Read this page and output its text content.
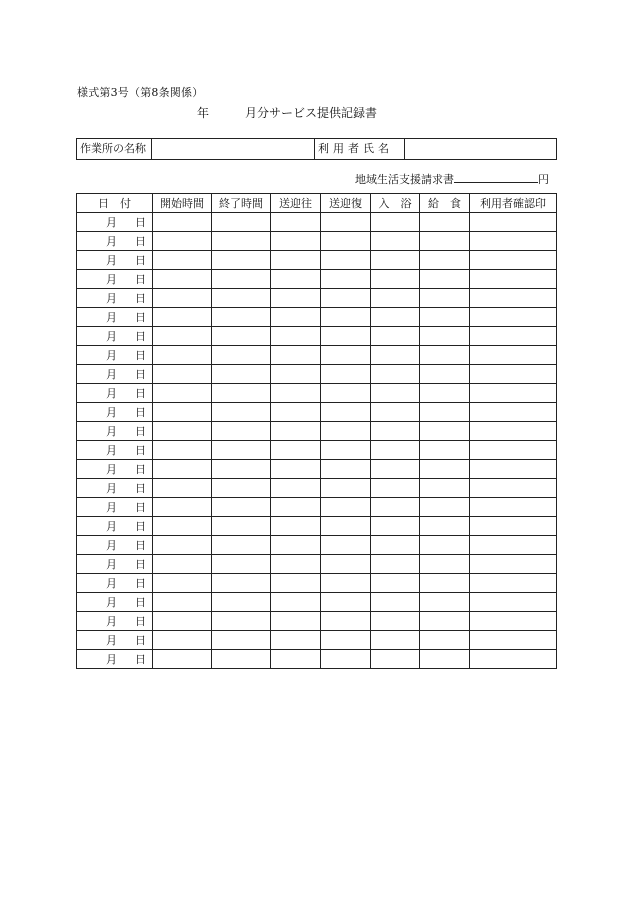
様式第3号（第8条関係）
年	月分サービス提供記録書
作業所の名称		利用者氏名	
地域生活支援請求書	円
日　付	開始時間	終了時間	送迎往	送迎復	入　浴	給　食	利用者確認印
月 日							
月 日							
月 日							
月 日							
月 日							
月 日							
月 日							
月 日							
月 日							
月 日							
月 日							
月 日							
月 日							
月 日							
月 日							
月 日							
月 日							
月 日							
月 日							
月 日							
月 日							
月 日							
月 日							
月 日							
